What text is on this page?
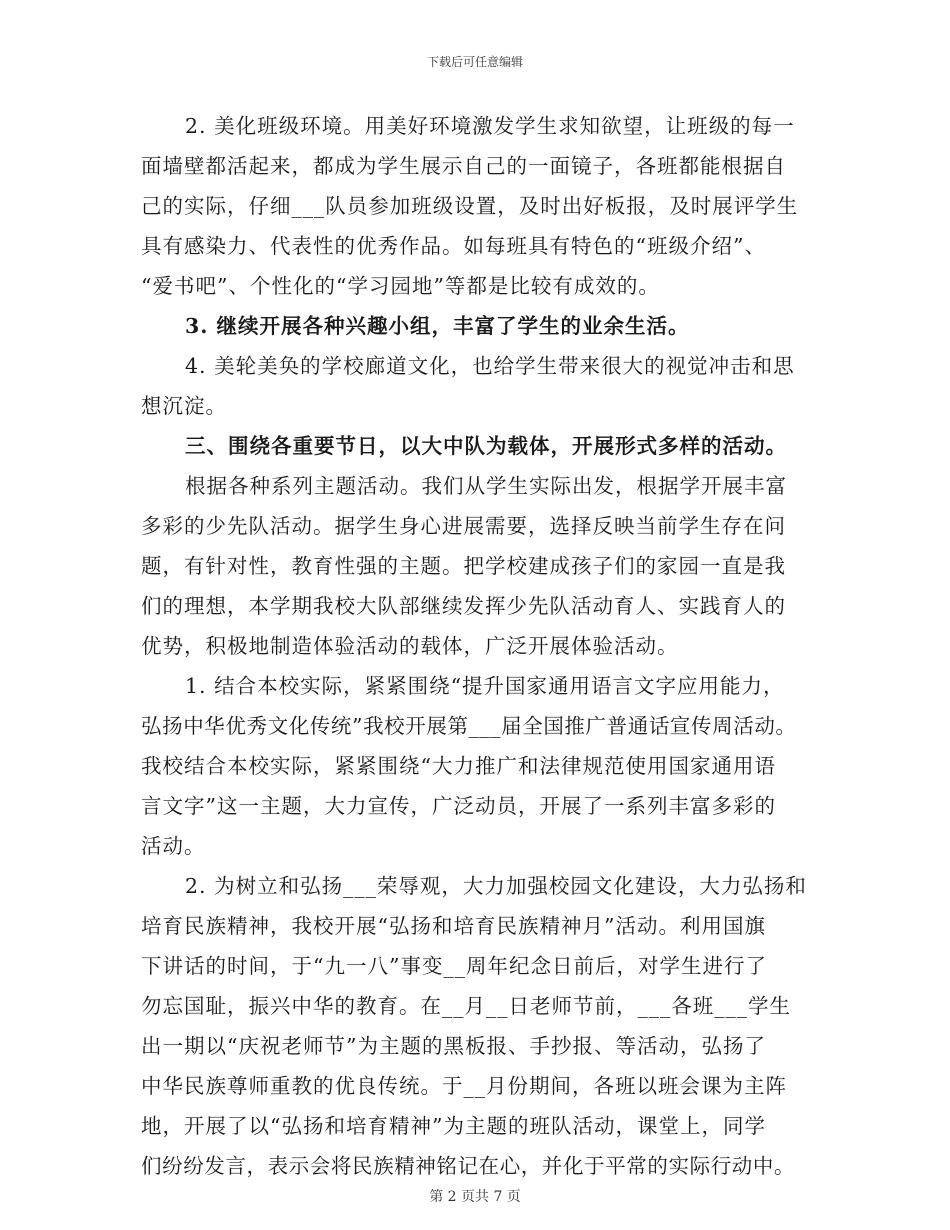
下载后可任意编辑
2. 美化班级环境。用美好环境激发学生求知欲望，让班级的每一
面墙壁都活起来，都成为学生展示自己的一面镜子，各班都能根据自
己的实际，仔细___队员参加班级设置，及时出好板报，及时展评学生
具有感染力、代表性的优秀作品。如每班具有特色的“班级介绍”、
“爱书吧”、个性化的“学习园地”等都是比较有成效的。
3. 继续开展各种兴趣小组，丰富了学生的业余生活。
4. 美轮美奂的学校廊道文化，也给学生带来很大的视觉冲击和思
想沉淀。
三、围绕各重要节日，以大中队为载体，开展形式多样的活动。
根据各种系列主题活动。我们从学生实际出发，根据学开展丰富
多彩的少先队活动。据学生身心进展需要，选择反映当前学生存在问
题，有针对性，教育性强的主题。把学校建成孩子们的家园一直是我
们的理想，本学期我校大队部继续发挥少先队活动育人、实践育人的
优势，积极地制造体验活动的载体，广泛开展体验活动。
1. 结合本校实际，紧紧围绕“提升国家通用语言文字应用能力，
弘扬中华优秀文化传统”我校开展第___届全国推广普通话宣传周活动。
我校结合本校实际，紧紧围绕“大力推广和法律规范使用国家通用语
言文字”这一主题，大力宣传，广泛动员，开展了一系列丰富多彩的
活动。
2. 为树立和弘扬___荣辱观，大力加强校园文化建设，大力弘扬和
培育民族精神，我校开展“弘扬和培育民族精神月”活动。利用国旗
下讲话的时间，于“九一八”事变__周年纪念日前后，对学生进行了
勿忘国耻，振兴中华的教育。在__月__日老师节前，___各班___学生
出一期以“庆祝老师节”为主题的黑板报、手抄报、等活动，弘扬了
中华民族尊师重教的优良传统。于__月份期间，各班以班会课为主阵
地，开展了以“弘扬和培育精神”为主题的班队活动，课堂上，同学
们纷纷发言，表示会将民族精神铭记在心，并化于平常的实际行动中。
第 2 页共 7 页
